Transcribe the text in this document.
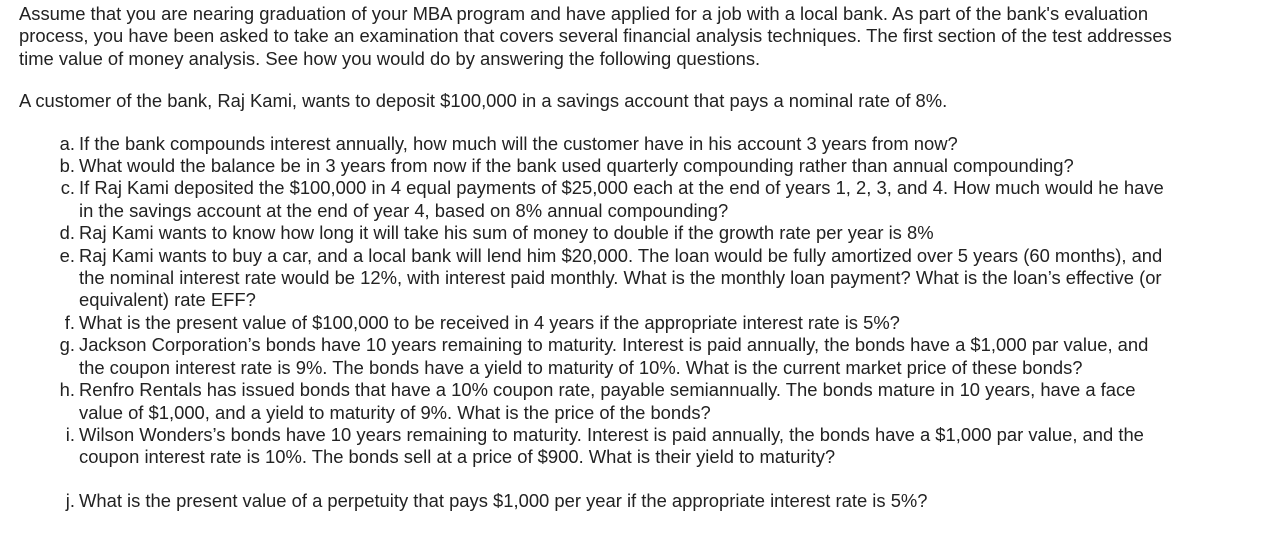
Assume that you are nearing graduation of your MBA program and have applied for a job with a local bank. As part of the bank's evaluation

process, you have been asked to take an examination that covers several financial analysis techniques. The first section of the test addresses

time value of money analysis. See how you would do by answering the following questions.

A customer of the bank, Raj Kami, wants to deposit $100,000 in a savings account that pays a nominal rate of 8%.

a. If the bank compounds interest annually, how much will the customer have in his account 3 years from now?
b. What would the balance be in 3 years from now if the bank used quarterly compounding rather than annual compounding?
c. If Raj Kami deposited the $100,000 in 4 equal payments of $25,000 each at the end of years 1, 2, 3, and 4. How much would he have
in the savings account at the end of year 4, based on 8% annual compounding?
d. Raj Kami wants to know how long it will take his sum of money to double if the growth rate per year is 8%
e. Raj Kami wants to buy a car, and a local bank will lend him $20,000. The loan would be fully amortized over 5 years (60 months), and
the nominal interest rate would be 12%, with interest paid monthly. What is the monthly loan payment? What is the loan’s effective (or
equivalent) rate EFF?
f. What is the present value of $100,000 to be received in 4 years if the appropriate interest rate is 5%?
g. Jackson Corporation’s bonds have 10 years remaining to maturity. Interest is paid annually, the bonds have a $1,000 par value, and
the coupon interest rate is 9%. The bonds have a yield to maturity of 10%. What is the current market price of these bonds?
h. Renfro Rentals has issued bonds that have a 10% coupon rate, payable semiannually. The bonds mature in 10 years, have a face
value of $1,000, and a yield to maturity of 9%. What is the price of the bonds?
i. Wilson Wonders’s bonds have 10 years remaining to maturity. Interest is paid annually, the bonds have a $1,000 par value, and the
coupon interest rate is 10%. The bonds sell at a price of $900. What is their yield to maturity?
j. What is the present value of a perpetuity that pays $1,000 per year if the appropriate interest rate is 5%?
